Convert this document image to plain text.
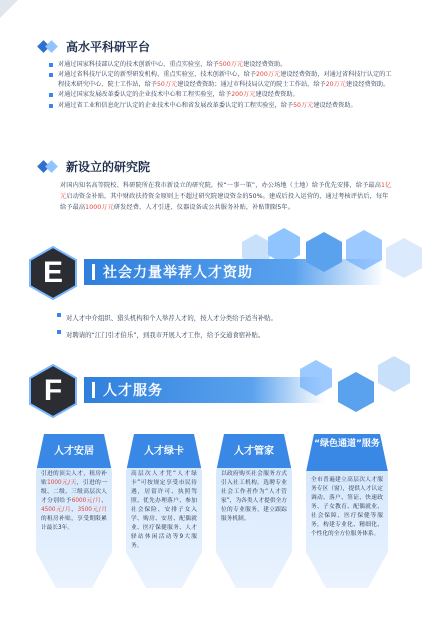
高水平科研平台
对通过国家科技部认定的技术创新中心、重点实验室，给予500万元建设经费资助。
对通过省科技厅认定的新型研发机构、重点实验室、技术创新中心，给予200万元建设经费资助，对通过省科技厅认定的工程技术研究中心、院士工作站，给予50万元建设经费资助；通过市科技局认定的院士工作站，给予20万元建设经费资助。
对通过国家发展改革委认定的企业技术中心和工程实验室，给予200万元建设经费资助。
对通过省工业和信息化厅认定的企业技术中心和省发展改革委认定的工程实验室，给予50万元建设经费资助。
新设立的研究院
对国内知名高等院校、科研院所在我市新设立的研究院，按“一事一策”，办公场地（土地）给予优先安排，给予最高1亿元启动资金补贴，其中财政扶持资金原则上不超过研究院建设资金的50%。建成后投入运营的，通过考核评估后，每年给予最高1000万元研发经费、人才引进、仪器设备或公共服务补贴，补贴期限5年。
E	社会力量举荐人才资助
对人才中介组织、猎头机构和个人举荐人才的，按人才分类给予适当补贴。
对聘请的“江门引才伯乐”，到我市开展人才工作，给予交通食宿补贴。
F	人才服务
人才安居
引进的顶尖人才，租房补贴1000元/天，引进的一级、二级、三级高层次人才分别给予6000元/月、4500元/月、3500元/月的租房补贴，享受期限累计最长3年。
人才绿卡
高层次人才凭“人才绿卡”可按规定享受市民待遇，居留许可、执照驾照、优先办理落户、参加社会保险、安排子女入学、购房、安居、配偶就业、医疗保健服务、人才驿站休闲活动等9大服务。
人才管家
以政府购买社会服务方式引入社工机构，选聘专业社会工作者作为“人才管家”，为各类人才提供全方位的专业服务，建立跟踪服务机制。
“绿色通道”服务
全市普遍建立高层次人才服务专区（窗），提供人才认定调动、落户、签证、快速政务、子女教育、配偶就业、社会保障、医疗保健等服务，构建专业化、精细化、个性化的全方位服务体系。
